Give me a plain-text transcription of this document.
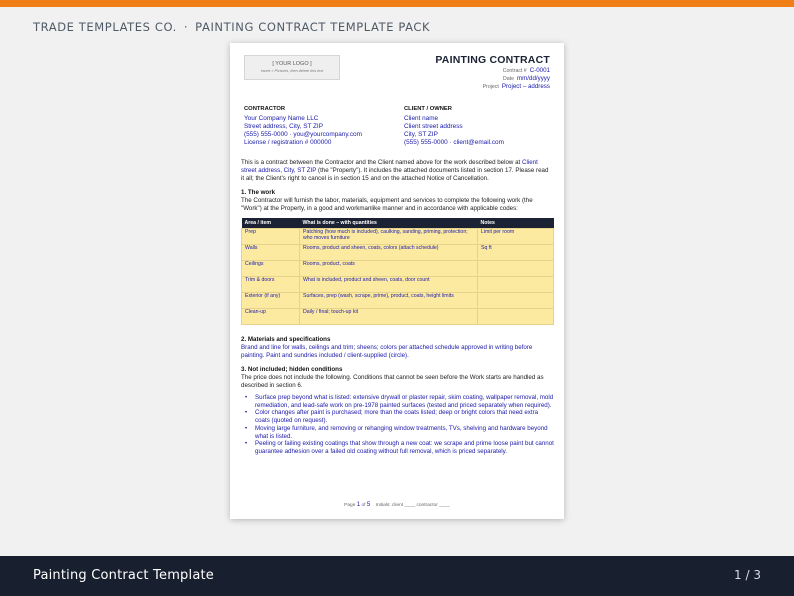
TRADE TEMPLATES CO. · PAINTING CONTRACT TEMPLATE PACK
[ YOUR LOGO ]
Insert > Pictures, then delete this text
PAINTING CONTRACT
Contract # C-0001
Date mm/dd/yyyy
Project Project – address
CONTRACTOR
Your Company Name LLC
Street address, City, ST ZIP
(555) 555-0000 · you@yourcompany.com
License / registration # 000000
CLIENT / OWNER
Client name
Client street address
City, ST ZIP
(555) 555-0000 · client@email.com
This is a contract between the Contractor and the Client named above for the work described below at Client street address, City, ST ZIP (the "Property"). It includes the attached documents listed in section 17. Please read it all; the Client's right to cancel is in section 15 and on the attached Notice of Cancellation.
1. The work
The Contractor will furnish the labor, materials, equipment and services to complete the following work (the "Work") at the Property, in a good and workmanlike manner and in accordance with applicable codes:
Area / item	What is done – with quantities	Notes
Prep	Patching (how much is included), caulking, sanding, priming, protection; who moves furniture	Limit per room
Walls	Rooms, product and sheen, coats, colors (attach schedule)	Sq ft
Ceilings	Rooms, product, coats	
Trim & doors	What is included, product and sheen, coats, door count	
Exterior (if any)	Surfaces, prep (wash, scrape, prime), product, coats, height limits	
Clean-up	Daily / final; touch-up kit	
2. Materials and specifications
Brand and line for walls, ceilings and trim; sheens; colors per attached schedule approved in writing before painting. Paint and sundries included / client-supplied (circle).
3. Not included; hidden conditions
The price does not include the following. Conditions that cannot be seen before the Work starts are handled as described in section 6.
• Surface prep beyond what is listed: extensive drywall or plaster repair, skim coating, wallpaper removal, mold remediation, and lead-safe work on pre-1978 painted surfaces (tested and priced separately when required).
• Color changes after paint is purchased; more than the coats listed; deep or bright colors that need extra coats (quoted on request).
• Moving large furniture, and removing or rehanging window treatments, TVs, shelving and hardware beyond what is listed.
• Peeling or failing existing coatings that show through a new coat: we scrape and prime loose paint but cannot guarantee adhesion over a failed old coating without full removal, which is priced separately.
Page 1 of 5 Initials: client ____ contractor ____
Painting Contract Template	1 / 3
